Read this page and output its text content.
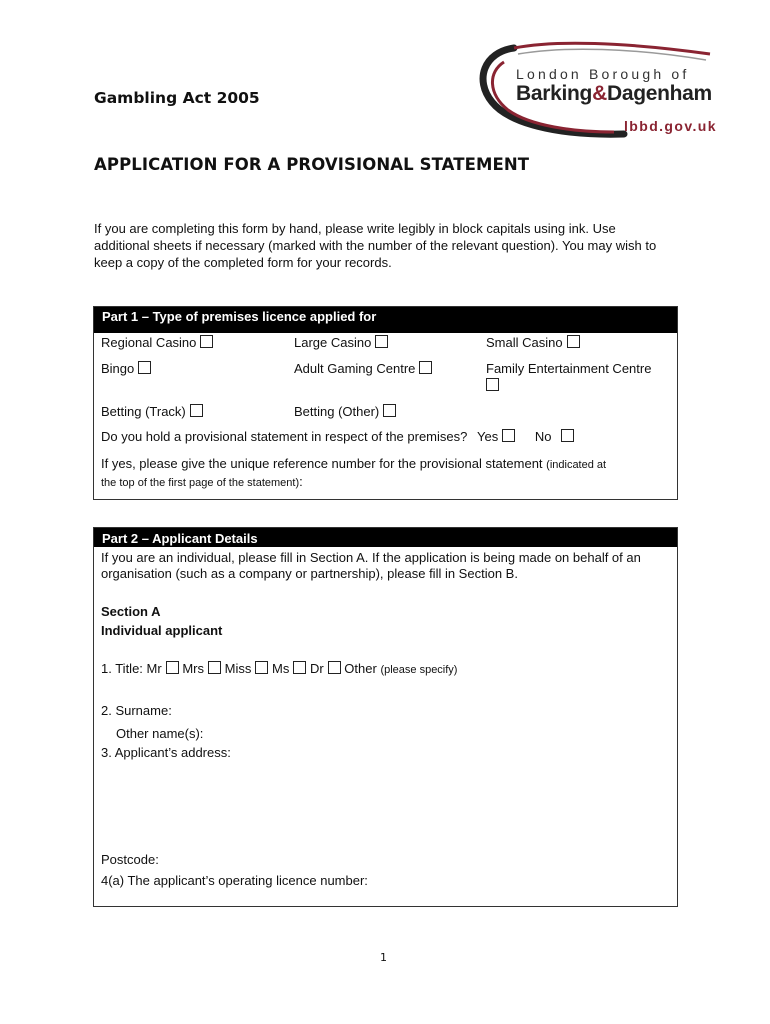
London Borough of
Barking&Dagenham
lbbd.gov.uk
Gambling Act 2005
APPLICATION FOR A PROVISIONAL STATEMENT
If you are completing this form by hand, please write legibly in block capitals using ink. Use additional sheets if necessary (marked with the number of the relevant question). You may wish to keep a copy of the completed form for your records.
Part 1 – Type of premises licence applied for
Regional Casino	Large Casino	Small Casino
Bingo	Adult Gaming Centre	Family Entertainment Centre
Betting (Track)	Betting (Other)
Do you hold a provisional statement in respect of the premises? Yes	No
If yes, please give the unique reference number for the provisional statement (indicated at
the top of the first page of the statement):
Part 2 – Applicant Details
If you are an individual, please fill in Section A. If the application is being made on behalf of an organisation (such as a company or partnership), please fill in Section B.
Section A
Individual applicant
1. Title: Mr Mrs Miss Ms Dr Other (please specify)
2. Surname:
Other name(s):
3. Applicant’s address:
Postcode:
4(a) The applicant’s operating licence number:
1
